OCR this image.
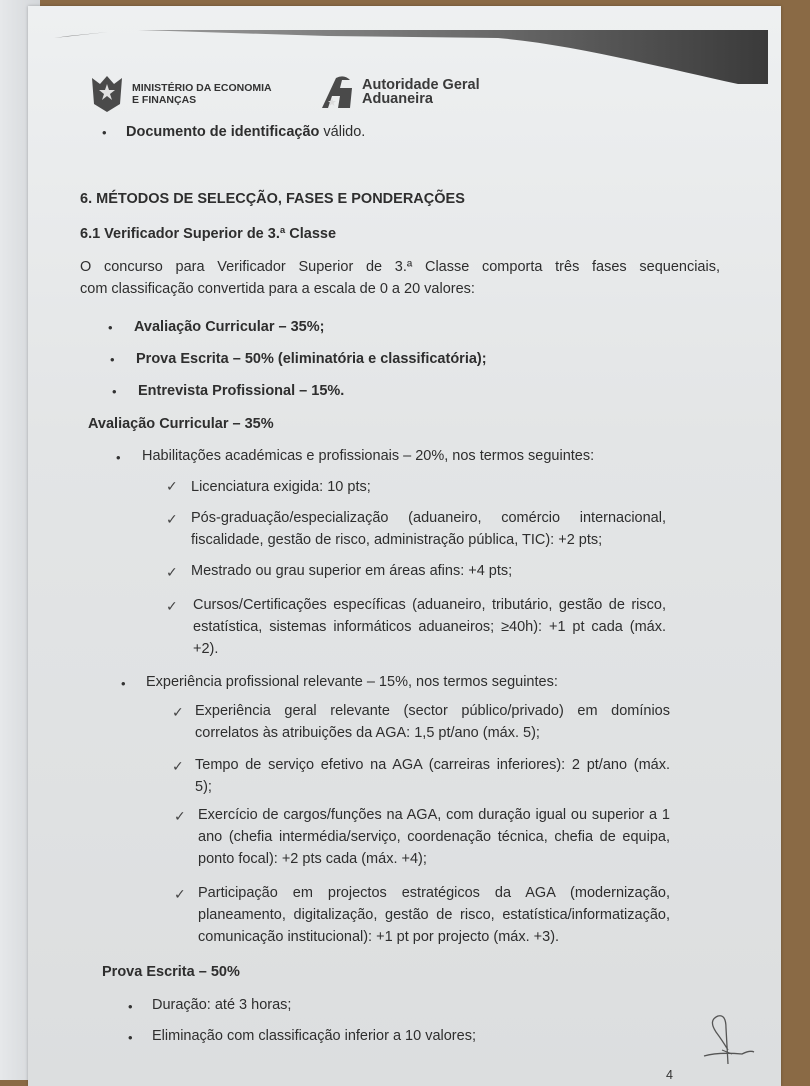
MINISTÉRIO DA ECONOMIA
E FINANÇAS
Autoridade Geral
Aduaneira
• Documento de identificação válido.
6. MÉTODOS DE SELECÇÃO, FASES E PONDERAÇÕES
6.1 Verificador Superior de 3.ª Classe
O concurso para Verificador Superior de 3.ª Classe comporta três fases sequenciais,
com classificação convertida para a escala de 0 a 20 valores:
• Avaliação Curricular – 35%;
• Prova Escrita – 50% (eliminatória e classificatória);
• Entrevista Profissional – 15%.
Avaliação Curricular – 35%
• Habilitações académicas e profissionais – 20%, nos termos seguintes:
✓ Licenciatura exigida: 10 pts;
✓ Pós-graduação/especialização (aduaneiro, comércio internacional,
fiscalidade, gestão de risco, administração pública, TIC): +2 pts;
✓ Mestrado ou grau superior em áreas afins: +4 pts;
✓ Cursos/Certificações específicas (aduaneiro, tributário, gestão de risco,
estatística, sistemas informáticos aduaneiros; ≥40h): +1 pt cada (máx.
+2).
• Experiência profissional relevante – 15%, nos termos seguintes:
✓ Experiência geral relevante (sector público/privado) em domínios
correlatos às atribuições da AGA: 1,5 pt/ano (máx. 5);
✓ Tempo de serviço efetivo na AGA (carreiras inferiores): 2 pt/ano (máx.
5);
✓ Exercício de cargos/funções na AGA, com duração igual ou superior a 1
ano (chefia intermédia/serviço, coordenação técnica, chefia de equipa,
ponto focal): +2 pts cada (máx. +4);
✓ Participação em projectos estratégicos da AGA (modernização,
planeamento, digitalização, gestão de risco, estatística/informatização,
comunicação institucional): +1 pt por projecto (máx. +3).
Prova Escrita – 50%
• Duração: até 3 horas;
• Eliminação com classificação inferior a 10 valores;
4
